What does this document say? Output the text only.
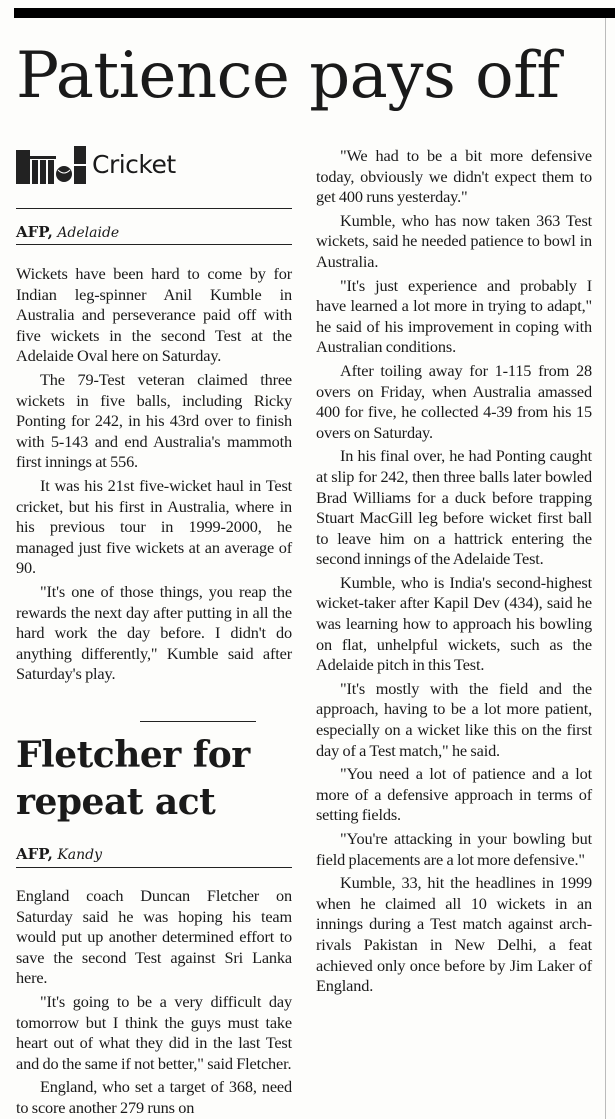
Patience pays off
Cricket

AFP, Adelaide

Wickets have been hard to come by for Indian leg-spinner Anil Kumble in Australia and perseverance paid off with five wickets in the second Test at the Adelaide Oval here on Saturday.

The 79-Test veteran claimed three wickets in five balls, including Ricky Ponting for 242, in his 43rd over to finish with 5-143 and end Australia's mammoth first innings at 556.

It was his 21st five-wicket haul in Test cricket, but his first in Australia, where in his previous tour in 1999-2000, he managed just five wickets at an average of 90.

"It's one of those things, you reap the rewards the next day after putting in all the hard work the day before. I didn't do anything differently," Kumble said after Saturday's play.

Fletcher for repeat act

AFP, Kandy

England coach Duncan Fletcher on Saturday said he was hoping his team would put up another determined effort to save the second Test against Sri Lanka here.

"It's going to be a very difficult day tomorrow but I think the guys must take heart out of what they did in the last Test and do the same if not better," said Fletcher.

England, who set a target of 368, need to score another 279 runs on

"We had to be a bit more defensive today, obviously we didn't expect them to get 400 runs yesterday."

Kumble, who has now taken 363 Test wickets, said he needed patience to bowl in Australia.

"It's just experience and probably I have learned a lot more in trying to adapt," he said of his improvement in coping with Australian conditions.

After toiling away for 1-115 from 28 overs on Friday, when Australia amassed 400 for five, he collected 4-39 from his 15 overs on Saturday.

In his final over, he had Ponting caught at slip for 242, then three balls later bowled Brad Williams for a duck before trapping Stuart MacGill leg before wicket first ball to leave him on a hattrick entering the second innings of the Adelaide Test.

Kumble, who is India's second-highest wicket-taker after Kapil Dev (434), said he was learning how to approach his bowling on flat, unhelpful wickets, such as the Adelaide pitch in this Test.

"It's mostly with the field and the approach, having to be a lot more patient, especially on a wicket like this on the first day of a Test match," he said.

"You need a lot of patience and a lot more of a defensive approach in terms of setting fields.

"You're attacking in your bowling but field placements are a lot more defensive."

Kumble, 33, hit the headlines in 1999 when he claimed all 10 wickets in an innings during a Test match against arch-rivals Pakistan in New Delhi, a feat achieved only once before by Jim Laker of England.
